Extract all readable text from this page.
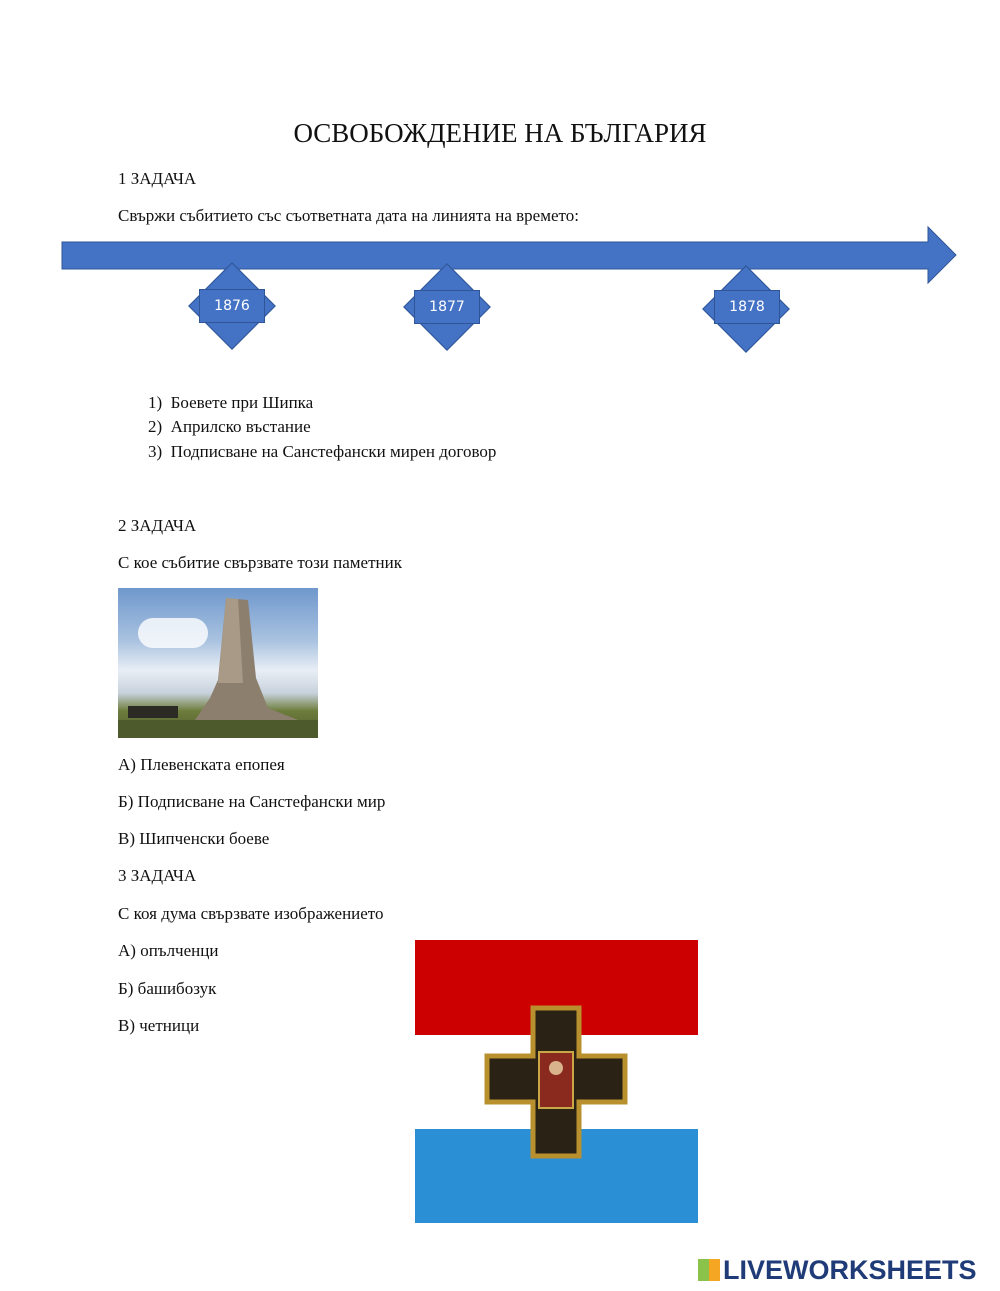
ОСВОБОЖДЕНИЕ НА БЪЛГАРИЯ
1 ЗАДАЧА
Свържи събитието със съответната дата на линията на времето:
1876	1877	1878
1)  Боевете при Шипка
2)  Априлско въстание
3)  Подписване на Санстефански мирен договор
2 ЗАДАЧА
С кое събитие свързвате този паметник
А) Плевенската епопея
Б) Подписване на Санстефански мир
В) Шипченски боеве
3 ЗАДАЧА
С коя дума свързвате изображението
А) опълченци
Б) башибозук
В) четници
LIVEWORKSHEETS
